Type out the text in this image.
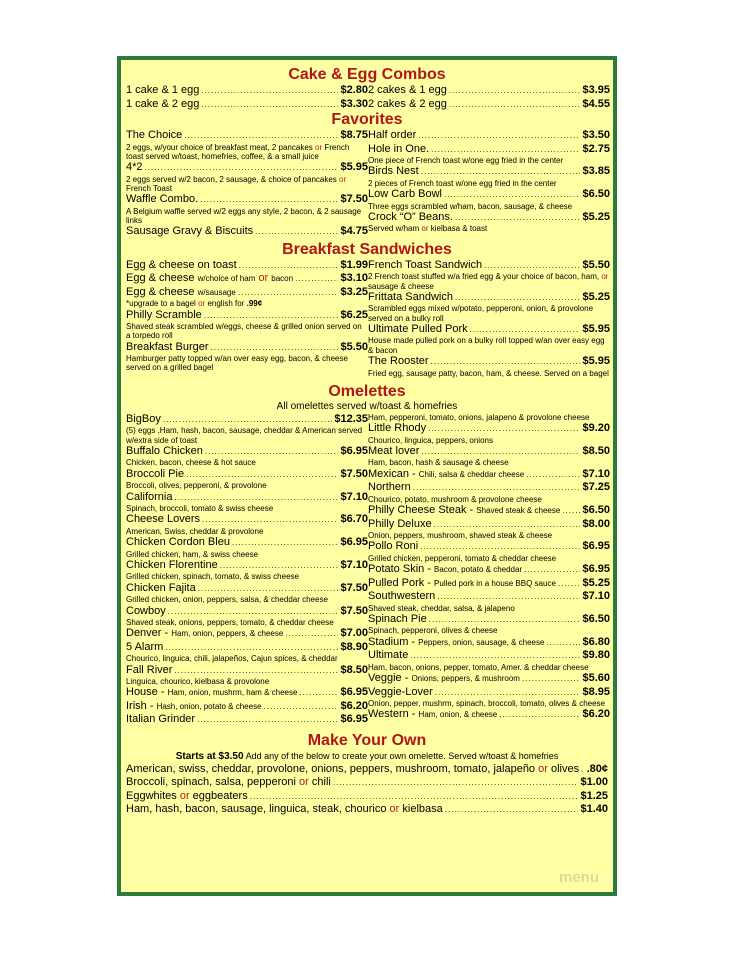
Cake & Egg Combos
1 cake & 1 egg .....	$2.80
1 cake & 2 egg .....	$3.30
2 cakes & 1 egg .....	$3.95
2 cakes & 2 egg .....	$4.55
Favorites
The Choice .....	$8.75
2 eggs, w/your choice of breakfast meat, 2 pancakes or French toast served w/toast, homefries, coffee, & a small juice
4*2 .....	$5.95
2 eggs served w/2 bacon, 2 sausage, & choice of pancakes or French Toast
Waffle Combo. .....	$7.50
A Belgium waffle served w/2 eggs any style, 2 bacon, & 2 sausage links
Sausage Gravy & Biscuits .....	$4.75
Half order .....	$3.50
Hole in One. .....	$2.75
One piece of French toast w/one egg fried in the center
Birds Nest .....	$3.85
2 pieces of French toast w/one egg fried in the center
Low Carb Bowl .....	$6.50
Three eggs scrambled w/ham, bacon, sausage, & cheese
Crock “O” Beans. .....	$5.25
Served w/ham or kielbasa & toast
Breakfast Sandwiches
Egg & cheese on toast .....	$1.99
Egg & cheese w/choice of ham or bacon .....	$3.10
Egg & cheese w/sausage .....	$3.25
*upgrade to a bagel or english for .99¢
Philly Scramble .....	$6.25
Shaved steak scrambled w/eggs, cheese & grilled onion served on a torpedo roll
Breakfast Burger .....	$5.50
Hamburger patty topped w/an over easy egg, bacon, & cheese served on a grilled bagel
French Toast Sandwich .....	$5.50
2 French toast stuffed w/a fried egg & your choice of bacon, ham, or sausage & cheese
Frittata Sandwich .....	$5.25
Scrambled eggs mixed w/potato, pepperoni, onion, & provolone served on a bulky roll
Ultimate Pulled Pork .....	$5.95
House made pulled pork on a bulky roll topped w/an over easy egg & bacon
The Rooster .....	$5.95
Fried egg, sausage patty, bacon, ham, & cheese. Served on a bagel
Omelettes
All omelettes served w/toast & homefries
BigBoy .....	$12.35
(5) eggs ,Ham, hash, bacon, sausage, cheddar & American served w/extra side of toast
Buffalo Chicken .....	$6.95
Chicken, bacon, cheese & hot sauce
Broccoli Pie .....	$7.50
Broccoli, olives, pepperoni, & provolone
California .....	$7.10
Spinach, broccoli, tomato & swiss cheese
Cheese Lovers .....	$6.70
American, Swiss, cheddar & provolone
Chicken Cordon Bleu .....	$6.95
Grilled chicken, ham, & swiss cheese
Chicken Florentine .....	$7.10
Grilled chicken, spinach, tomato, & swiss cheese
Chicken Fajita .....	$7.50
Grilled chicken, onion, peppers, salsa, & cheddar cheese
Cowboy .....	$7.50
Shaved steak, onions, peppers, tomato, & cheddar cheese
Denver - Ham, onion, peppers, & cheese .....	$7.00
5 Alarm .....	$8.90
Chourico, linguica, chili, jalapeños, Cajun spices, & cheddar
Fall River .....	$8.50
Linguica, chourico, kielbasa & provolone
House - Ham, onion, mushrm, ham & cheese .....	$6.95
Irish - Hash, onion, potato & cheese .....	$6.20
Italian Grinder .....	$6.95
Ham, pepperoni, tomato, onions, jalapeno & provolone cheese
Little Rhody .....	$9.20
Chourico, linguica, peppers, onions
Meat lover .....	$8.50
Ham, bacon, hash & sausage & cheese
Mexican - Chili, salsa & cheddar cheese .....	$7.10
Northern .....	$7.25
Chourico, potato, mushroom & provolone cheese
Philly Cheese Steak - Shaved steak & cheese ..... $6.50
Philly Deluxe .....	$8.00
Onion, peppers, mushroom, shaved steak & cheese
Pollo Roni .....	$6.95
Grilled chicken, pepperoni, tomato & cheddar cheese
Potato Skin - Bacon, potato & cheddar .....	$6.95
Pulled Pork - Pulled pork in a house BBQ sauce ..... $5.25
Southwestern .....	$7.10
Shaved steak, cheddar, salsa, & jalapeno
Spinach Pie .....	$6.50
Spinach, pepperoni, olives & cheese
Stadium - Peppers, onion, sausage, & cheese .....	$6.80
Ultimate .....	$9.80
Ham, bacon, onions, pepper, tomato, Amer. & cheddar cheese
Veggie - Onions, peppers, & mushroom .....	$5.60
Veggie-Lover .....	$8.95
Onion, pepper, mushrm, spinach, broccoli, tomato, olives & cheese
Western - Ham, onion, & cheese .....	$6.20
Make Your Own
Starts at $3.50 Add any of the below to create your own omelette. Served w/toast & homefries
American, swiss, cheddar, provolone, onions, peppers, mushroom, tomato, jalapeño or olives ..... .80¢
Broccoli, spinach, salsa, pepperoni or chili .....	$1.00
Eggwhites or eggbeaters .....	$1.25
Ham, hash, bacon, sausage, linguica, steak, chourico or kielbasa .....	$1.40
menu
